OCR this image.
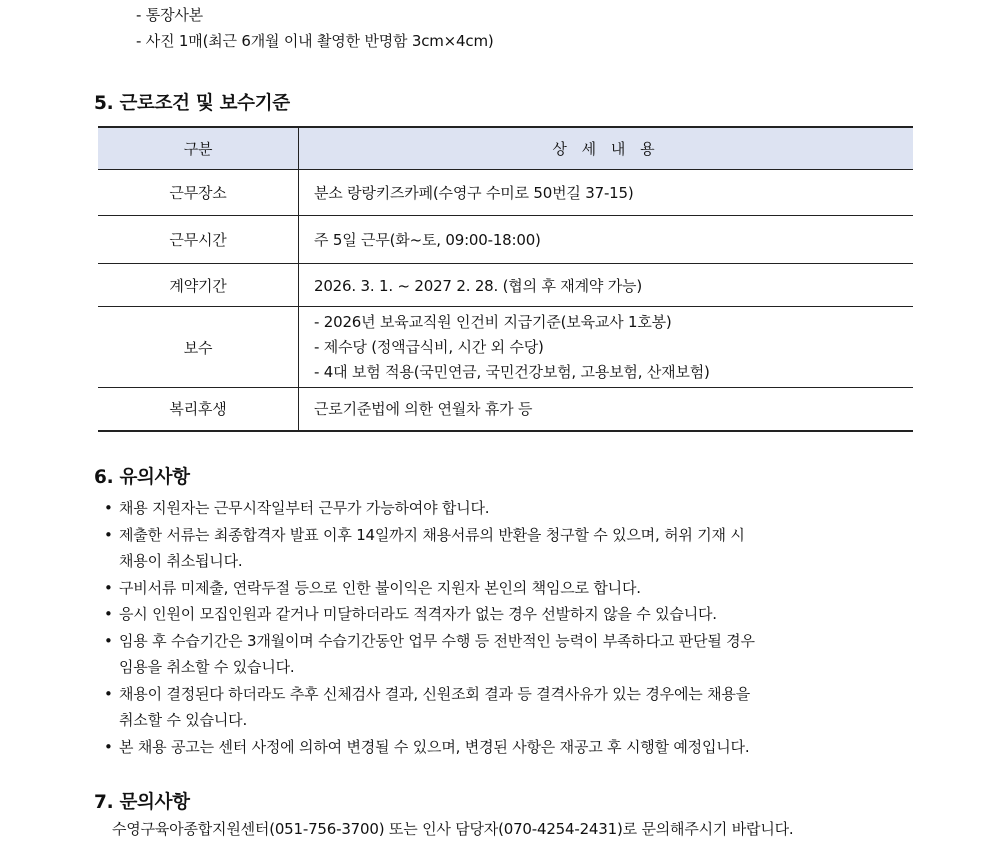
- 통장사본
- 사진 1매(최근 6개월 이내 촬영한 반명함 3cm×4cm)
5. 근로조건 및 보수기준
구분	상 세 내 용
근무장소	분소 랑랑키즈카페(수영구 수미로 50번길 37-15)
근무시간	주 5일 근무(화~토, 09:00-18:00)
계약기간	2026. 3. 1. ~ 2027 2. 28. (협의 후 재계약 가능)
보수	- 2026년 보육교직원 인건비 지급기준(보육교사 1호봉)
- 제수당 (정액급식비, 시간 외 수당)
- 4대 보험 적용(국민연금, 국민건강보험, 고용보험, 산재보험)

복리후생	근로기준법에 의한 연월차 휴가 등
6. 유의사항
• 채용 지원자는 근무시작일부터 근무가 가능하여야 합니다.
• 제출한 서류는 최종합격자 발표 이후 14일까지 채용서류의 반환을 청구할 수 있으며, 허위 기재 시
채용이 취소됩니다.
• 구비서류 미제출, 연락두절 등으로 인한 불이익은 지원자 본인의 책임으로 합니다.
• 응시 인원이 모집인원과 같거나 미달하더라도 적격자가 없는 경우 선발하지 않을 수 있습니다.
• 임용 후 수습기간은 3개월이며 수습기간동안 업무 수행 등 전반적인 능력이 부족하다고 판단될 경우
임용을 취소할 수 있습니다.
• 채용이 결정된다 하더라도 추후 신체검사 결과, 신원조회 결과 등 결격사유가 있는 경우에는 채용을
취소할 수 있습니다.
• 본 채용 공고는 센터 사정에 의하여 변경될 수 있으며, 변경된 사항은 재공고 후 시행할 예정입니다.
7. 문의사항
수영구육아종합지원센터(051-756-3700) 또는 인사 담당자(070-4254-2431)로 문의해주시기 바랍니다.
